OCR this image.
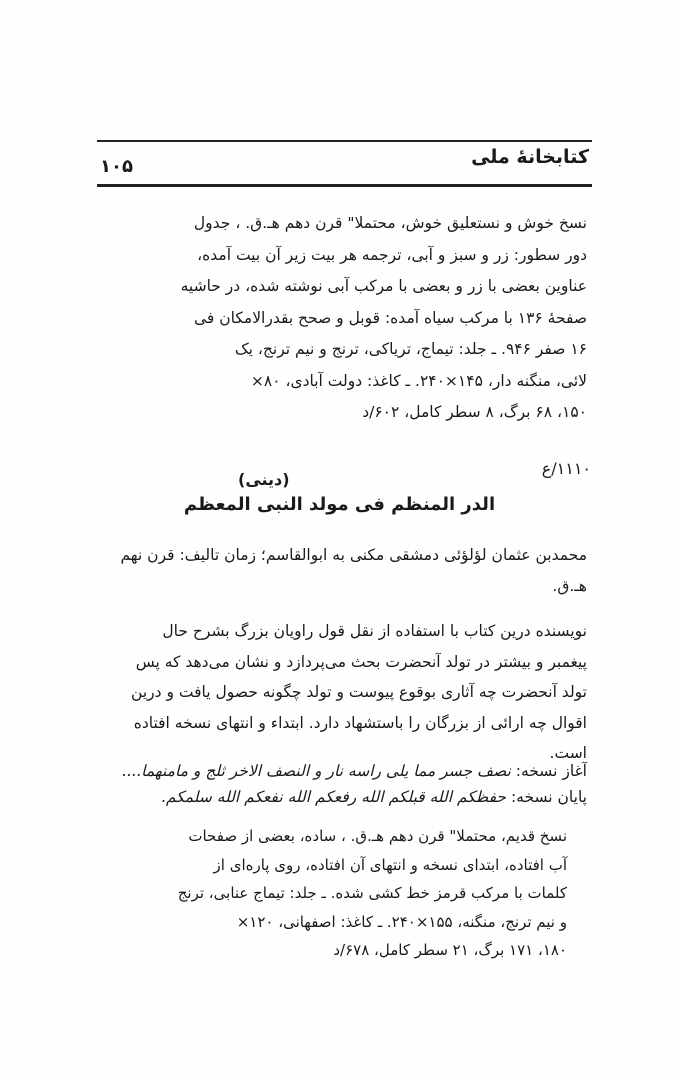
کتابخانهٔ ملی
۱۰۵

نسخ خوش و نستعلیق خوش، محتملا" قرن دهم هـ.ق. ، جدول

دور سطور: زر و سبز و آبی، ترجمه هر بیت زیر آن بیت آمده،

عناوین بعضی با زر و بعضی با مرکب آبی نوشته شده، در حاشیه

صفحهٔ ۱۳۶ با مرکب سیاه آمده: قوبل و صحح بقدرالامکان فی

۱۶ صفر ۹۴۶. ـ جلد: تیماج، تریاکی، ترنج و نیم ترنج، یک

لائی، منگنه دار، ۱۴۵×۲۴۰. ـ کاغذ: دولت آبادی، ۸۰×

۱۵۰، ۶۸ برگ، ۸ سطر کامل، ۶۰۲/د

۱۱۱۰/ع
(دینی)
الدر المنظم فی مولد النبی المعظم

محمدبن عثمان لؤلؤئی دمشقی مکنی به ابوالقاسم؛ زمان تالیف: قرن نهم

هـ.ق.

نویسنده درین کتاب با استفاده از نقل قول راویان بزرگ بشرح حال

پیغمبر و بیشتر در تولد آنحضرت بحث می‌پردازد و نشان می‌دهد که پس

تولد آنحضرت چه آثاری بوقوع پیوست و تولد چگونه حصول یافت و درین

اقوال چه ارائی از بزرگان را باستشهاد دارد. ابتداء و انتهای نسخه افتاده

است.

آغاز نسخه: نصف جسر مما یلی راسه نار و النصف الاخر ثلج و مامنهما....

پایان نسخه: حفظکم الله قبلکم الله رفعکم الله نفعکم الله سلمکم.

نسخ قدیم، محتملا" قرن دهم هـ.ق. ، ساده، بعضی از صفحات

آب افتاده، ابتدای نسخه و انتهای آن افتاده، روی پاره‌ای از

کلمات با مرکب قرمز خط کشی شده. ـ جلد: تیماج عنابی، ترنج

و نیم ترنج، منگنه، ۱۵۵×۲۴۰. ـ کاغذ: اصفهانی، ۱۲۰×

۱۸۰، ۱۷۱ برگ، ۲۱ سطر کامل، ۶۷۸/د
